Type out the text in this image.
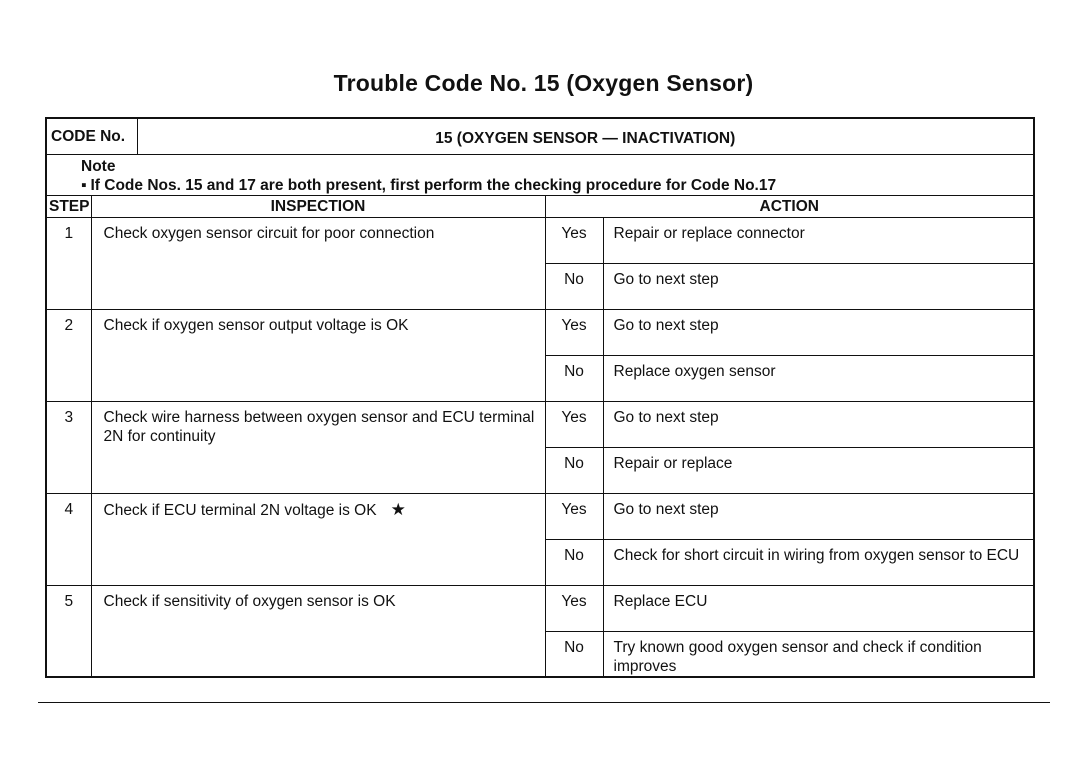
Trouble Code No. 15 (Oxygen Sensor)
CODE No.		15 (OXYGEN SENSOR — INACTIVATION)		

Note
▪ If Code Nos. 15 and 17 are both present, first perform the checking procedure for Code No.17				

STEP	INSPECTION		ACTION	
1	Check oxygen sensor circuit for poor connection		Yes	Repair or replace connector
			No	Go to next step
2	Check if oxygen sensor output voltage is OK		Yes	Go to next step
			No	Replace oxygen sensor
3	Check wire harness between oxygen sensor and ECU terminal 2N for continuity		Yes	Go to next step
			No	Repair or replace
4	Check if ECU terminal 2N voltage is OK ★		Yes	Go to next step
			No	Check for short circuit in wiring from oxygen sensor to ECU
5	Check if sensitivity of oxygen sensor is OK		Yes	Replace ECU
			No	Try known good oxygen sensor and check if condition improves
